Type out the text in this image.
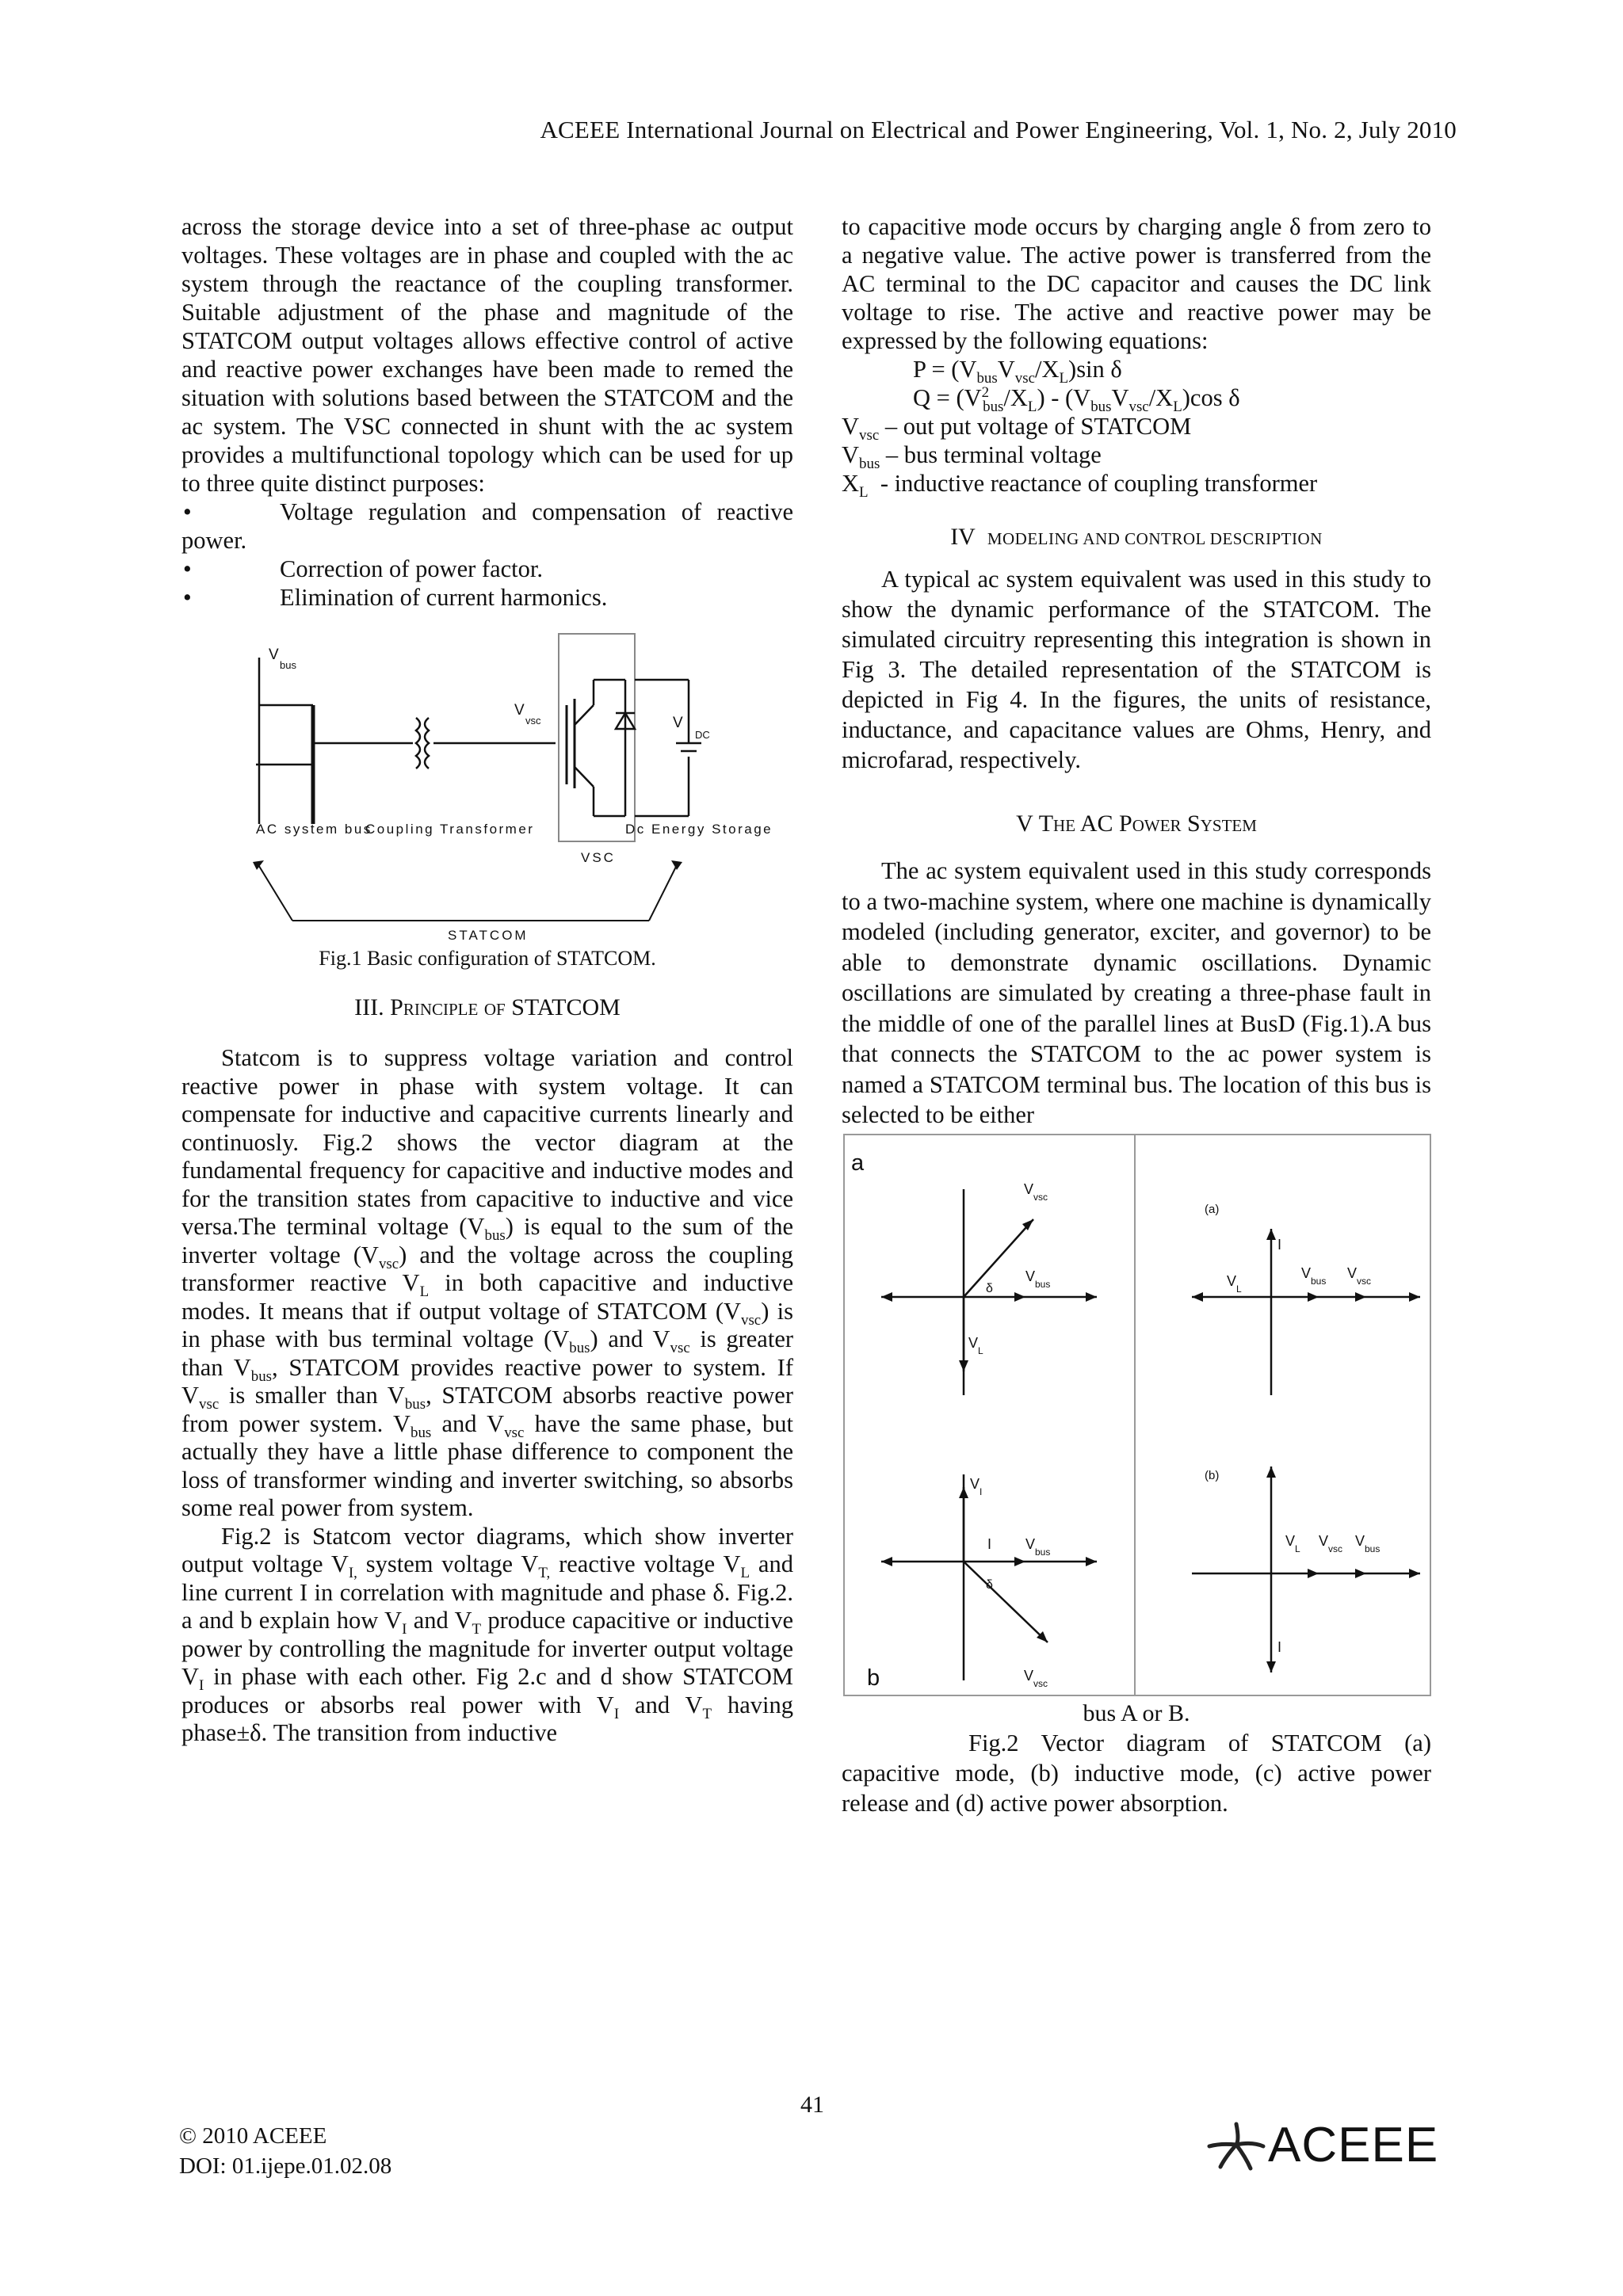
ACEEE International Journal on Electrical and Power Engineering, Vol. 1, No. 2, July 2010

across the storage device into a set of three-phase ac output voltages. These voltages are in phase and coupled with the ac system through the reactance of the coupling transformer. Suitable adjustment of the phase and magnitude of the STATCOM output voltages allows effective control of active and reactive power exchanges have been made to remed the situation with solutions based between the STATCOM and the ac system. The VSC connected in shunt with the ac system provides a multifunctional topology which can be used for up to three quite distinct purposes:

•	Voltage regulation and compensation of reactive power.

•	Correction of power factor.

•	Elimination of current harmonics.

V
bus
V
vsc	V
DC
AC system bus
Coupling Transformer	Dc Energy Storage
VSC
STATCOM

Fig.1 Basic configuration of STATCOM.

III. Principle of STATCOM

Statcom is to suppress voltage variation and control reactive power in phase with system voltage. It can compensate for inductive and capacitive currents linearly and continuosly. Fig.2 shows the vector diagram at the fundamental frequency for capacitive and inductive modes and for the transition states from capacitive to inductive and vice versa.The terminal voltage $(V_{bus})$ is equal to the sum of the inverter voltage $(V_{vsc})$ and the voltage across the coupling transformer reactive $V_L$ in both capacitive and inductive modes. It means that if output voltage of STATCOM $(V_{vsc})$ is in phase with bus terminal voltage $(V_{bus})$ and $V_{vsc}$ is greater than $V_{bus}$, STATCOM provides reactive power to system. If $V_{vsc}$ is smaller than $V_{bus}$, STATCOM absorbs reactive power from power system. $V_{bus}$ and $V_{vsc}$ have the same phase, but actually they have a little phase difference to component the loss of transformer winding and inverter switching, so absorbs some real power from system.

Fig.2 is Statcom vector diagrams, which show inverter output voltage $V_{I,}$ system voltage $V_{T,}$ reactive voltage $V_L$ and line current I in correlation with magnitude and phase δ. Fig.2. a and b explain how $V_I$ and $V_T$ produce capacitive or inductive power by controlling the magnitude for inverter output voltage $V_I$ in phase with each other. Fig 2.c and d show STATCOM produces or absorbs real power with $V_I$ and $V_T$ having phase±δ. The transition from inductive

to capacitive mode occurs by charging angle δ from zero to a negative value. The active power is transferred from the AC terminal to the DC capacitor and causes the DC link voltage to rise. The active and reactive power may be expressed by the following equations:

$P = (V_{bus}V_{vsc}/X_L)\sin$ δ

$Q = (V^2_{bus}/X_L) - (V_{bus}V_{vsc}/X_L)\cos$ δ

$V_{vsc}$ – out put voltage of STATCOM

$V_{bus}$ – bus terminal voltage

$X_L$  - inductive reactance of coupling transformer

IV MODELING AND CONTROL DESCRIPTION

A typical ac system equivalent was used in this study to show the dynamic performance of the STATCOM. The simulated circuitry representing this integration is shown in Fig 3. The detailed representation of the STATCOM is depicted in Fig 4. In the figures, the units of resistance, inductance, and capacitance values are Ohms, Henry, and microfarad, respectively.

V The AC Power System

The ac system equivalent used in this study corresponds to a two-machine system, where one machine is dynamically modeled (including generator, exciter, and governor) to be able to demonstrate dynamic oscillations. Dynamic oscillations are simulated by creating a three-phase fault in the middle of one of the parallel lines at BusD (Fig.1).A bus that connects the STATCOM to the ac power system is named a STATCOM terminal bus. The location of this bus is selected to be either

a
b
V vsc
V bus
δ
V L
(a)
I
V L
V bus V vsc
V I
I V bus
δ
V vsc
(b)
V L V vsc V bus
I

bus A or B.

Fig.2 Vector diagram of STATCOM (a) capacitive mode, (b) inductive mode, (c) active power release and (d) active power absorption.

41
© 2010 ACEEE
DOI: 01.ijepe.01.02.08	ACEEE
